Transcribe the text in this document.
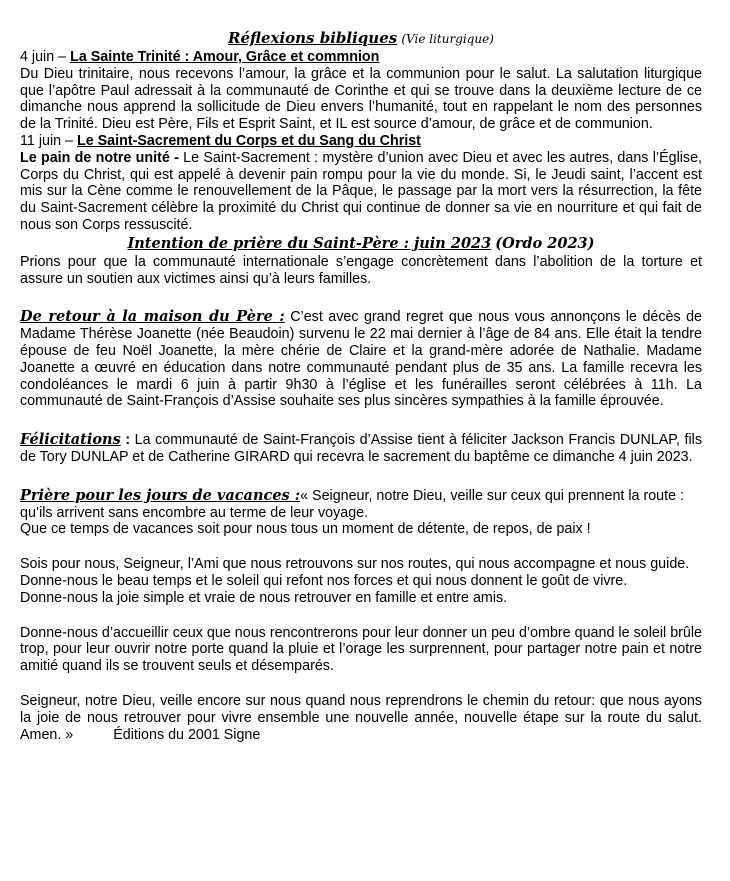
Réflexions bibliques (Vie liturgique)

4 juin – La Sainte Trinité : Amour, Grâce et commnion

Du Dieu trinitaire, nous recevons l’amour, la grâce et la communion pour le salut. La salutation liturgique que l’apôtre Paul adressait à la communauté de Corinthe et qui se trouve dans la deuxième lecture de ce dimanche nous apprend la sollicitude de Dieu envers l’humanité, tout en rappelant le nom des personnes de la Trinité. Dieu est Père, Fils et Esprit Saint, et IL est source d’amour, de grâce et de communion.

11 juin – Le Saint-Sacrement du Corps et du Sang du Christ

Le pain de notre unité - Le Saint-Sacrement : mystère d’union avec Dieu et avec les autres, dans l’Église, Corps du Christ, qui est appelé à devenir pain rompu pour la vie du monde. Si, le Jeudi saint, l’accent est mis sur la Cène comme le renouvellement de la Pâque, le passage par la mort vers la résurrection, la fête du Saint-Sacrement célèbre la proximité du Christ qui continue de donner sa vie en nourriture et qui fait de nous son Corps ressuscité.

Intention de prière du Saint-Père : juin 2023 (Ordo 2023)

Prions pour que la communauté internationale s’engage concrètement dans l’abolition de la torture et assure un soutien aux victimes ainsi qu’à leurs familles.

De retour à la maison du Père : C’est avec grand regret que nous vous annonçons le décès de Madame Thérèse Joanette (née Beaudoin) survenu le 22 mai dernier à l’âge de 84 ans. Elle était la tendre épouse de feu Noël Joanette, la mère chérie de Claire et la grand-mère adorée de Nathalie. Madame Joanette a œuvré en éducation dans notre communauté pendant plus de 35 ans. La famille recevra les condoléances le mardi 6 juin à partir 9h30 à l’église et les funérailles seront célébrées à 11h. La communauté de Saint-François d’Assise souhaite ses plus sincères sympathies à la famille éprouvée.

Félicitations : La communauté de Saint-François d’Assise tient à féliciter Jackson Francis DUNLAP, fils de Tory DUNLAP et de Catherine GIRARD qui recevra le sacrement du baptême ce dimanche 4 juin 2023.

Prière pour les jours de vacances :« Seigneur, notre Dieu, veille sur ceux qui prennent la route : qu’ils arrivent sans encombre au terme de leur voyage.

Que ce temps de vacances soit pour nous tous un moment de détente, de repos, de paix !

Sois pour nous, Seigneur, l’Ami que nous retrouvons sur nos routes, qui nous accompagne et nous guide. Donne-nous le beau temps et le soleil qui refont nos forces et qui nous donnent le goût de vivre.

Donne-nous la joie simple et vraie de nous retrouver en famille et entre amis.

Donne-nous d’accueillir ceux que nous rencontrerons pour leur donner un peu d’ombre quand le soleil brûle trop, pour leur ouvrir notre porte quand la pluie et l’orage les surprennent, pour partager notre pain et notre amitié quand ils se trouvent seuls et désemparés.

Seigneur, notre Dieu, veille encore sur nous quand nous reprendrons le chemin du retour: que nous ayons la joie de nous retrouver pour vivre ensemble une nouvelle année, nouvelle étape sur la route du salut. Amen. »	Éditions du 2001 Signe
